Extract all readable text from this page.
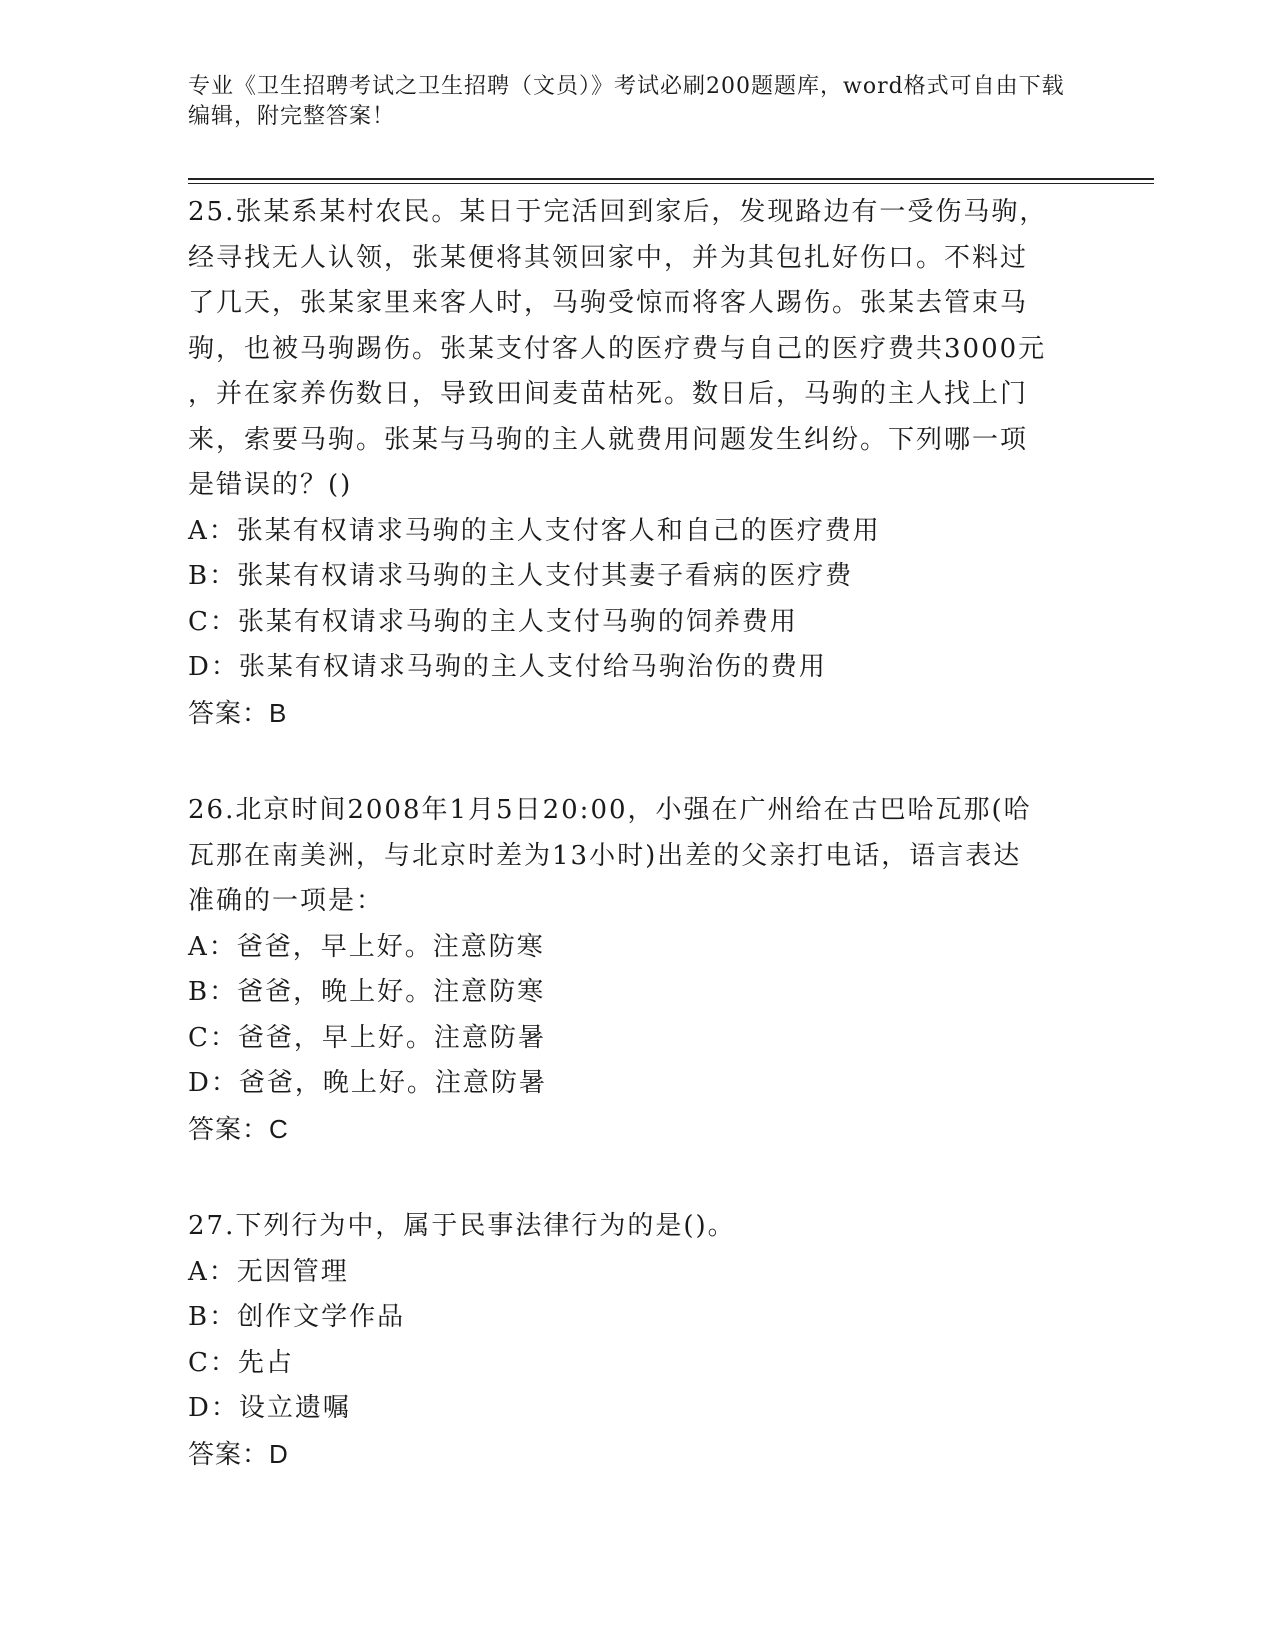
专业《卫生招聘考试之卫生招聘（文员）》考试必刷200题题库，word格式可自由下载编辑，附完整答案！
25.张某系某村农民。某日于完活回到家后，发现路边有一受伤马驹，
经寻找无人认领，张某便将其领回家中，并为其包扎好伤口。不料过
了几天，张某家里来客人时，马驹受惊而将客人踢伤。张某去管束马
驹，也被马驹踢伤。张某支付客人的医疗费与自己的医疗费共3000元
，并在家养伤数日，导致田间麦苗枯死。数日后，马驹的主人找上门
来，索要马驹。张某与马驹的主人就费用问题发生纠纷。下列哪一项
是错误的？()
A：张某有权请求马驹的主人支付客人和自己的医疗费用
B：张某有权请求马驹的主人支付其妻子看病的医疗费
C：张某有权请求马驹的主人支付马驹的饲养费用
D：张某有权请求马驹的主人支付给马驹治伤的费用
答案：B
26.北京时间2008年1月5日20:00，小强在广州给在古巴哈瓦那(哈
瓦那在南美洲，与北京时差为13小时)出差的父亲打电话，语言表达
准确的一项是：
A：爸爸，早上好。注意防寒
B：爸爸，晚上好。注意防寒
C：爸爸，早上好。注意防暑
D：爸爸，晚上好。注意防暑
答案：C
27.下列行为中，属于民事法律行为的是()。
A：无因管理
B：创作文学作品
C：先占
D：设立遗嘱
答案：D
